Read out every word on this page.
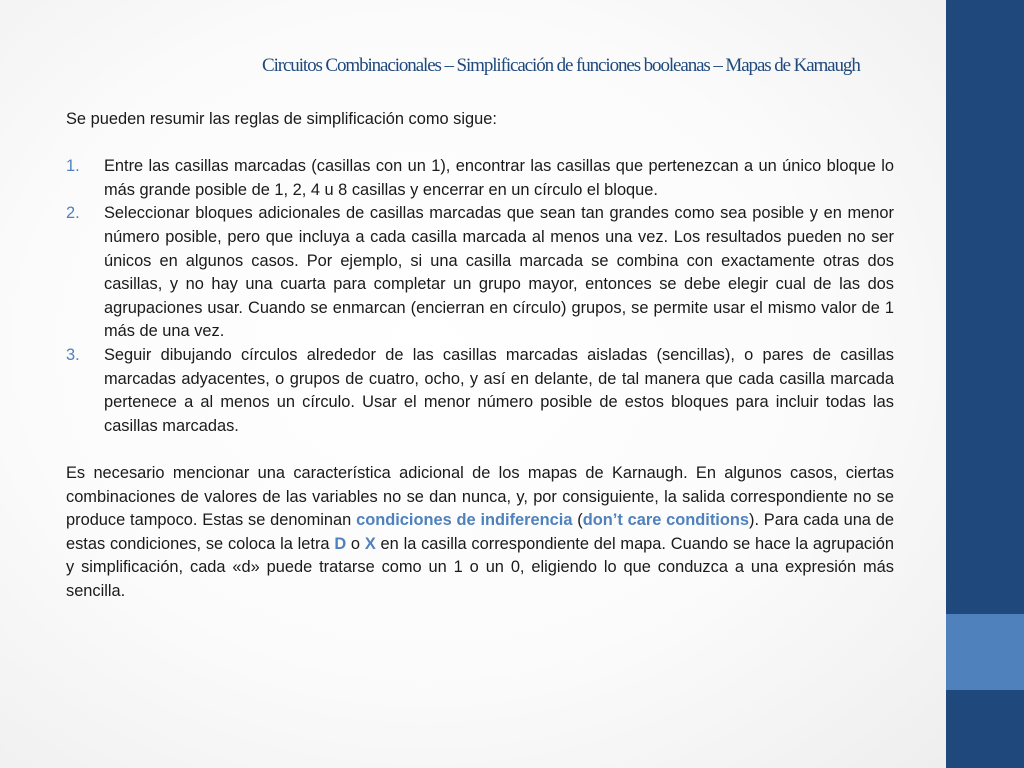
Circuitos Combinacionales – Simplificación de funciones booleanas – Mapas de Karnaugh

Se pueden resumir las reglas de simplificación como sigue:

1. Entre las casillas marcadas (casillas con un 1), encontrar las casillas que pertenezcan a un único bloque lo más grande posible de 1, 2, 4 u 8 casillas y encerrar en un círculo el bloque.
2. Seleccionar bloques adicionales de casillas marcadas que sean tan grandes como sea posible y en menor número posible, pero que incluya a cada casilla marcada al menos una vez. Los resultados pueden no ser únicos en algunos casos. Por ejemplo, si una casilla marcada se combina con exactamente otras dos casillas, y no hay una cuarta para completar un grupo mayor, entonces se debe elegir cual de las dos agrupaciones usar. Cuando se enmarcan (encierran en círculo) grupos, se permite usar el mismo valor de 1 más de una vez.
3. Seguir dibujando círculos alrededor de las casillas marcadas aisladas (sencillas), o pares de casillas marcadas adyacentes, o grupos de cuatro, ocho, y así en delante, de tal manera que cada casilla marcada pertenece a al menos un círculo. Usar el menor número posible de estos bloques para incluir todas las casillas marcadas.

Es necesario mencionar una característica adicional de los mapas de Karnaugh. En algunos casos, ciertas combinaciones de valores de las variables no se dan nunca, y, por consiguiente, la salida correspondiente no se produce tampoco. Estas se denominan condiciones de indiferencia (don’t care conditions). Para cada una de estas condiciones, se coloca la letra D o X en la casilla correspondiente del mapa. Cuando se hace la agrupación y simplificación, cada «d» puede tratarse como un 1 o un 0, eligiendo lo que conduzca a una expresión más sencilla.
